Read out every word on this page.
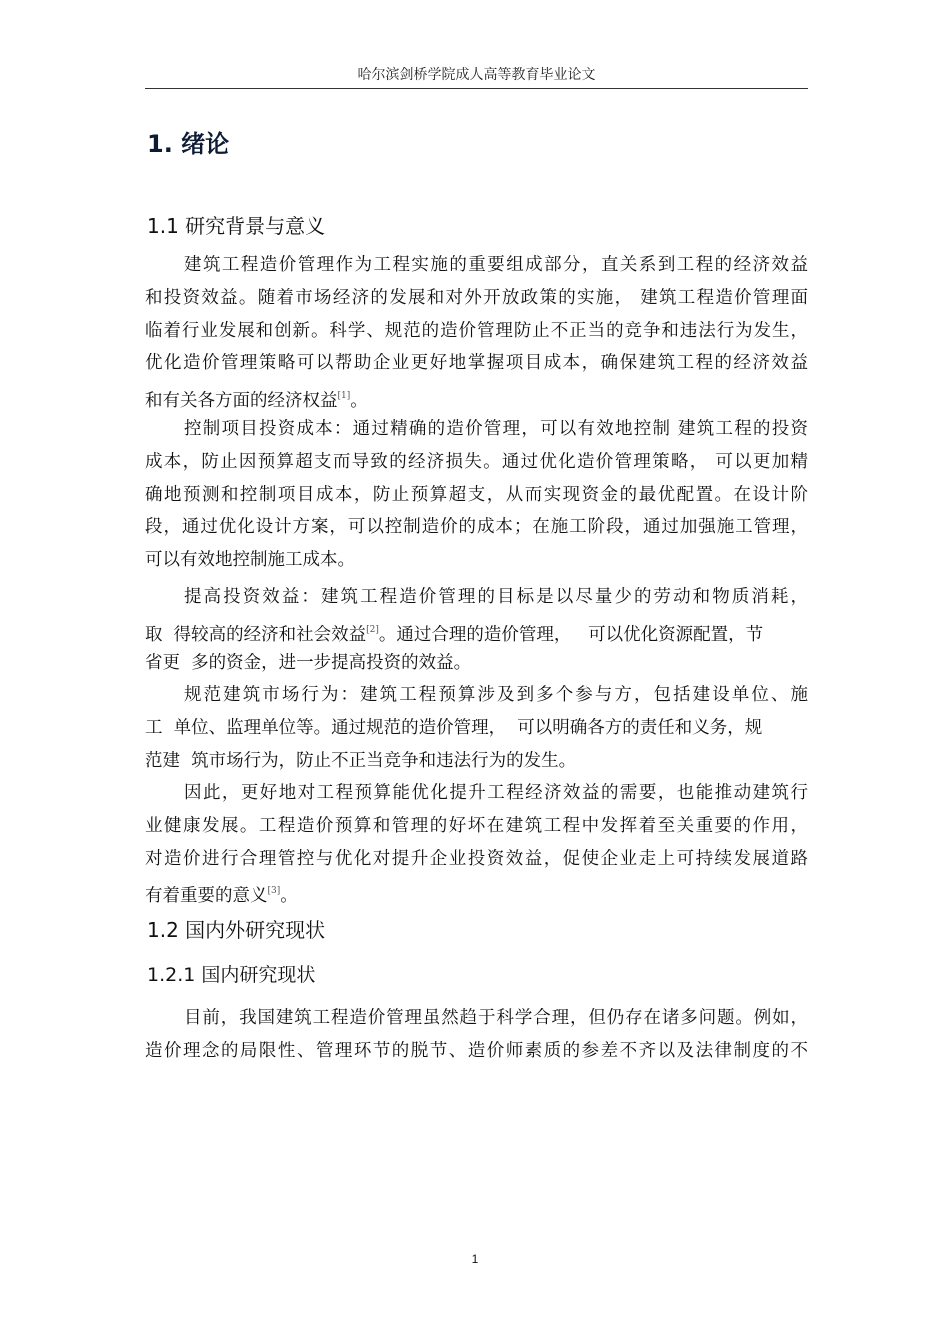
哈尔滨剑桥学院成人高等教育毕业论文
1. 绪论
1.1 研究背景与意义
建筑工程造价管理作为工程实施的重要组成部分，直关系到工程的经济效益
和投资效益。随着市场经济的发展和对外开放政策的实施， 建筑工程造价管理面
临着行业发展和创新。科学、规范的造价管理防止不正当的竞争和违法行为发生，
优化造价管理策略可以帮助企业更好地掌握项目成本，确保建筑工程的经济效益
和有关各方面的经济权益[1]。
控制项目投资成本：通过精确的造价管理，可以有效地控制 建筑工程的投资
成本，防止因预算超支而导致的经济损失。通过优化造价管理策略， 可以更加精
确地预测和控制项目成本，防止预算超支，从而实现资金的最优配置。在设计阶
段，通过优化设计方案，可以控制造价的成本；在施工阶段，通过加强施工管理，
可以有效地控制施工成本。
提高投资效益：建筑工程造价管理的目标是以尽量少的劳动和物质消耗，
取 得较高的经济和社会效益[2]。通过合理的造价管理，   可以优化资源配置，节
省更  多的资金，进一步提高投资的效益。
规范建筑市场行为：建筑工程预算涉及到多个参与方，包括建设单位、施
工  单位、监理单位等。通过规范的造价管理，  可以明确各方的责任和义务，规
范建  筑市场行为，防止不正当竞争和违法行为的发生。
因此，更好地对工程预算能优化提升工程经济效益的需要，也能推动建筑行
业健康发展。工程造价预算和管理的好坏在建筑工程中发挥着至关重要的作用，
对造价进行合理管控与优化对提升企业投资效益，促使企业走上可持续发展道路
有着重要的意义[3]。
1.2 国内外研究现状
1.2.1 国内研究现状
目前，我国建筑工程造价管理虽然趋于科学合理，但仍存在诸多问题。例如，
造价理念的局限性、管理环节的脱节、造价师素质的参差不齐以及法律制度的不
1
